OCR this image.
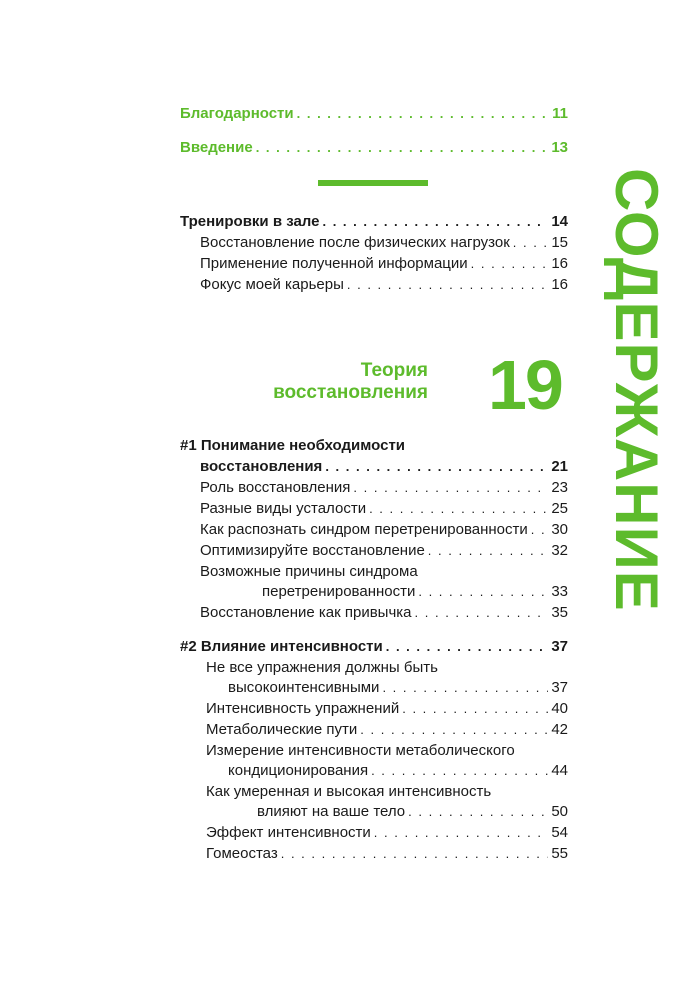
Благодарности . . .	11
Введение . . .	13
Тренировки в зале . . .	14
Восстановление после физических нагрузок . . .	15
Применение полученной информации . . .	16
Фокус моей карьеры . . .	16
Теория
восстановления 19
#1 Понимание необходимости
восстановления . . .	21
Роль восстановления . . .	23
Разные виды усталости . . .	25
Как распознать синдром перетренированности . . . 30
Оптимизируйте восстановление . . .	32
Возможные причины синдрома
перетренированности . . .	33
Восстановление как привычка . . .	35
#2 Влияние интенсивности . . .	37
Не все упражнения должны быть
высокоинтенсивными . . .	37
Интенсивность упражнений . . .	40
Метаболические пути . . .	42
Измерение интенсивности метаболического
кондиционирования . . .	44
Как умеренная и высокая интенсивность
влияют на ваше тело . . .	50
Эффект интенсивности . . .	54
Гомеостаз . . .	55
СОДЕРЖАНИЕ
